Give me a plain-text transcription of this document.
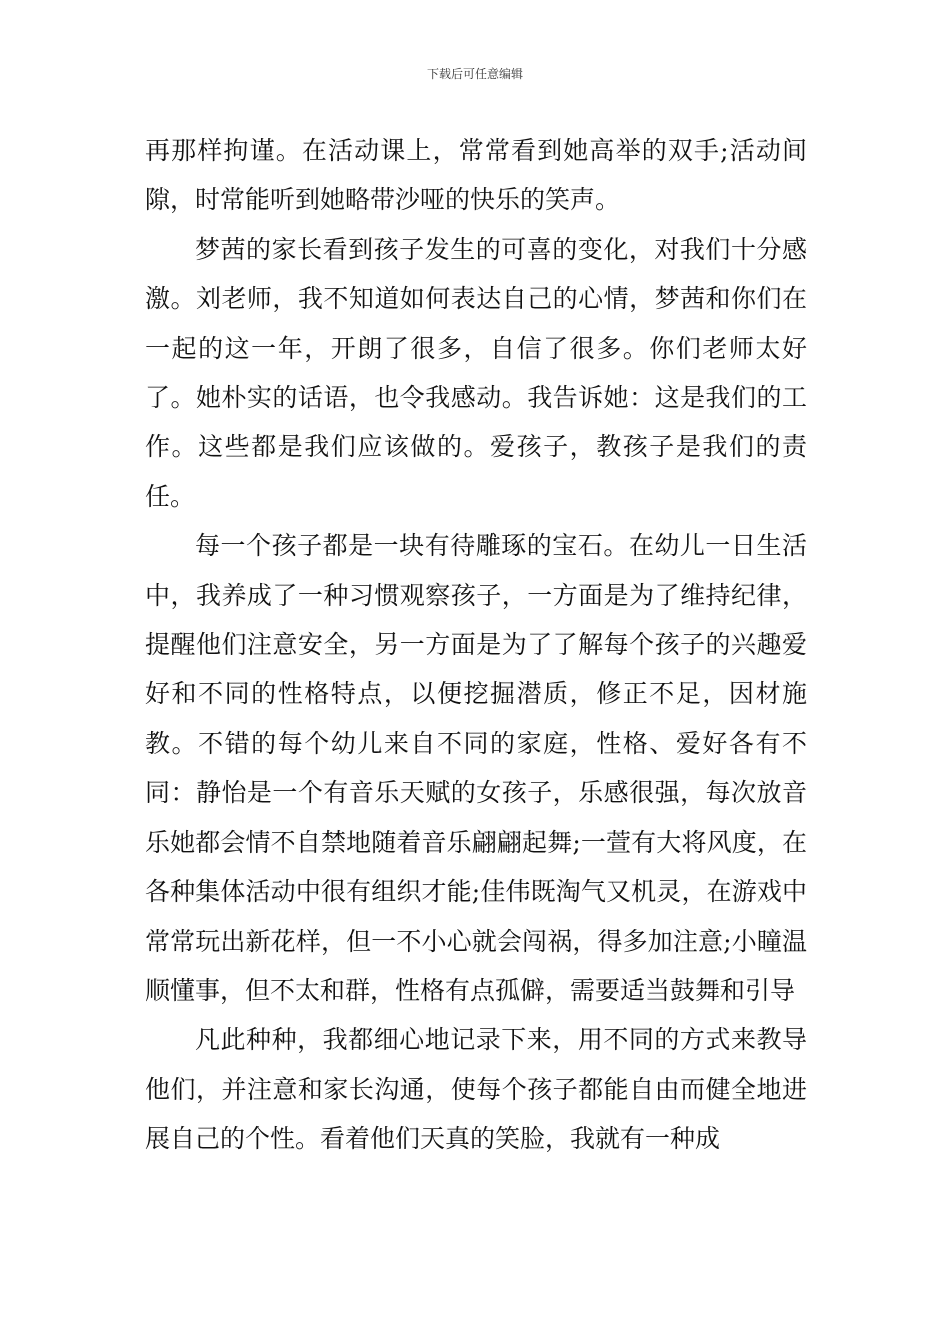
下载后可任意编辑

再那样拘谨。在活动课上，常常看到她高举的双手;活动间隙，时常能听到她略带沙哑的快乐的笑声。

梦茜的家长看到孩子发生的可喜的变化，对我们十分感激。刘老师，我不知道如何表达自己的心情，梦茜和你们在一起的这一年，开朗了很多，自信了很多。你们老师太好了。她朴实的话语，也令我感动。我告诉她：这是我们的工作。这些都是我们应该做的。爱孩子，教孩子是我们的责任。

每一个孩子都是一块有待雕琢的宝石。在幼儿一日生活中，我养成了一种习惯观察孩子，一方面是为了维持纪律，提醒他们注意安全，另一方面是为了了解每个孩子的兴趣爱好和不同的性格特点，以便挖掘潜质，修正不足，因材施教。不错的每个幼儿来自不同的家庭，性格、爱好各有不同：静怡是一个有音乐天赋的女孩子，乐感很强，每次放音乐她都会情不自禁地随着音乐翩翩起舞;一萱有大将风度，在各种集体活动中很有组织才能;佳伟既淘气又机灵，在游戏中常常玩出新花样，但一不小心就会闯祸，得多加注意;小瞳温顺懂事，但不太和群，性格有点孤僻，需要适当鼓舞和引导

凡此种种，我都细心地记录下来，用不同的方式来教导他们，并注意和家长沟通，使每个孩子都能自由而健全地进展自己的个性。看着他们天真的笑脸，我就有一种成
